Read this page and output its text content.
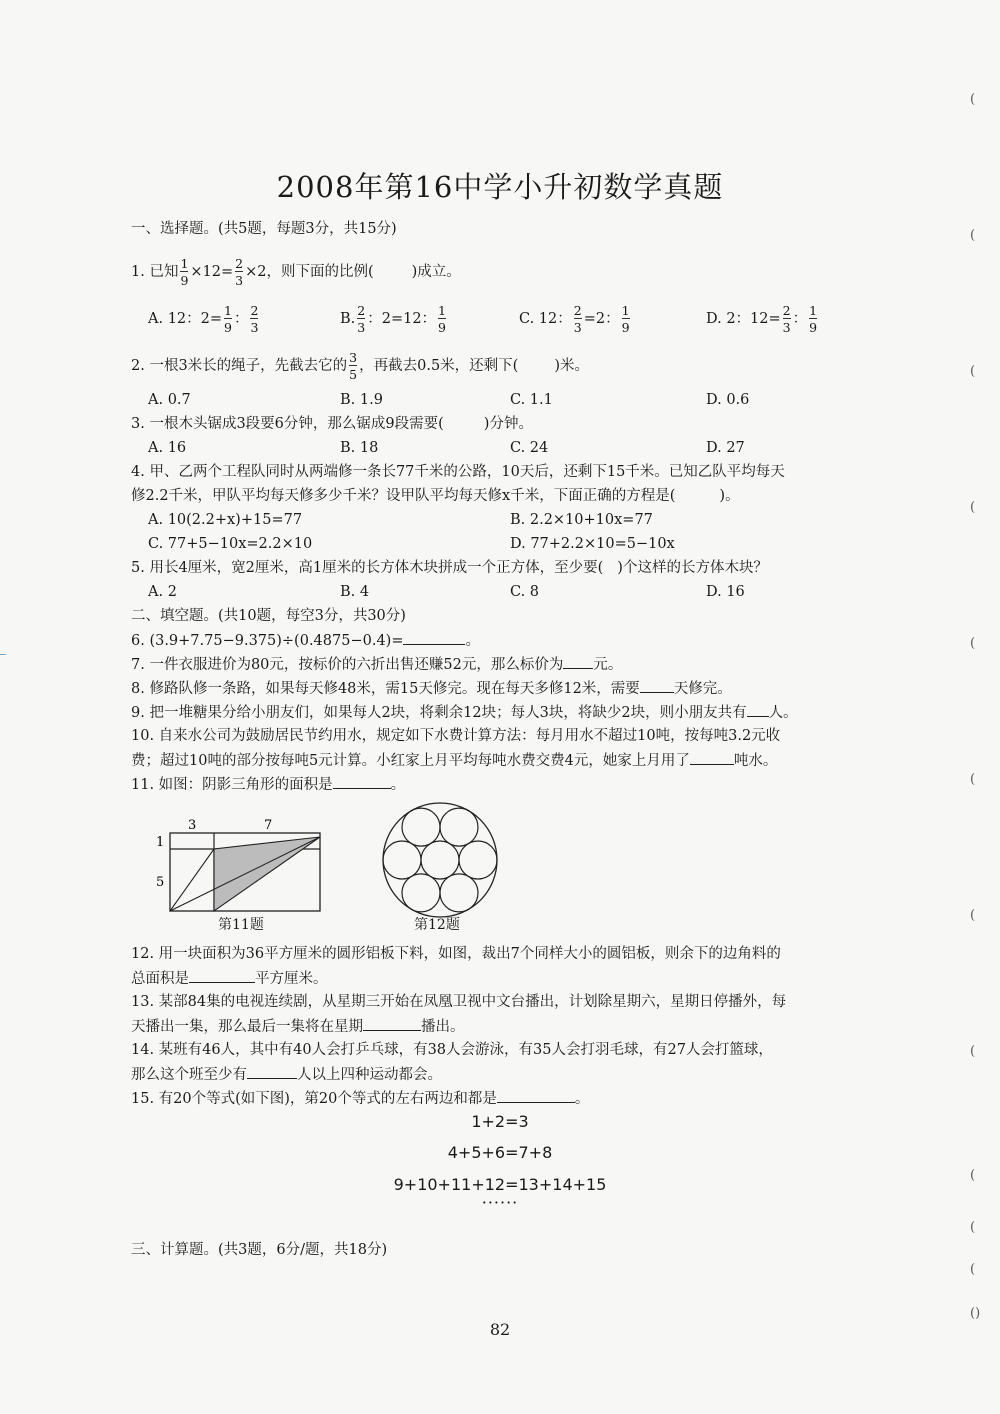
2008年第16中学小升初数学真题
一、选择题。(共5题，每题3分，共15分)
1. 已知 $\frac{1}{9} \times 12= \frac{2}{3} \times 2$，则下面的比例(	)成立。
A. 12：$2= \frac{1}{9}$ ： $\frac{2}{3}$	B. $\frac{2}{3}$ ：2=12： $\frac{1}{9}$	C. 12： $\frac{2}{3} =2$： $\frac{1}{9}$	D. 2：$12= \frac{2}{3}$ ： $\frac{1}{9}$
2. 一根3米长的绳子，先截去它的 $\frac{3}{5}$ ，再截去0.5米，还剩下( )米。
A. 0.7	B. 1.9	C. 1.1	D. 0.6
3. 一根木头锯成3段要6分钟，那么锯成9段需要(	)分钟。
A. 16	B. 18	C. 24	D. 27
4. 甲、乙两个工程队同时从两端修一条长77千米的公路，10天后，还剩下15千米。已知乙队平均每天
修2.2千米，甲队平均每天修多少千米？设甲队平均每天修x千米，下面正确的方程是(	)。
A. 10(2.2+x)+15=77	B. 2.2×10+10x=77
C. 77+5−10x=2.2×10	D. 77+2.2×10=5−10x
5. 用长4厘米，宽2厘米，高1厘米的长方体木块拼成一个正方体，至少要( )个这样的长方体木块？
A. 2	B. 4	C. 8	D. 16
二、填空题。(共10题，每空3分，共30分)
6. (3.9+7.75−9.375)÷(0.4875−0.4)=	。
7. 一件衣服进价为80元，按标价的六折出售还赚52元，那么标价为 元。
8. 修路队修一条路，如果每天修48米，需15天修完。现在每天多修12米，需要 天修完。
9. 把一堆糖果分给小朋友们，如果每人2块，将剩余12块；每人3块，将缺少2块，则小朋友共有 人。
10. 自来水公司为鼓励居民节约用水，规定如下水费计算方法：每月用水不超过10吨，按每吨3.2元收
费；超过10吨的部分按每吨5元计算。小红家上月平均每吨水费交费4元，她家上月用了	吨水。
11. 如图：阴影三角形的面积是	。
3	7
1
5
第11题	第12题
12. 用一块面积为36平方厘米的圆形铝板下料，如图，裁出7个同样大小的圆铝板，则余下的边角料的
总面积是	平方厘米。
13. 某部84集的电视连续剧，从星期三开始在凤凰卫视中文台播出，计划除星期六，星期日停播外，每
天播出一集，那么最后一集将在星期	播出。
14. 某班有46人，其中有40人会打乒乓球，有38人会游泳，有35人会打羽毛球，有27人会打篮球，
那么这个班至少有	人以上四种运动都会。
15. 有20个等式(如下图)，第20个等式的左右两边和都是	。
1+2=3
4+5+6=7+8
9+10+11+12=13+14+15
······
三、计算题。(共3题，6分/题，共18分)
82
(
(
(
(
(
(
(
(
(
(
(
()
